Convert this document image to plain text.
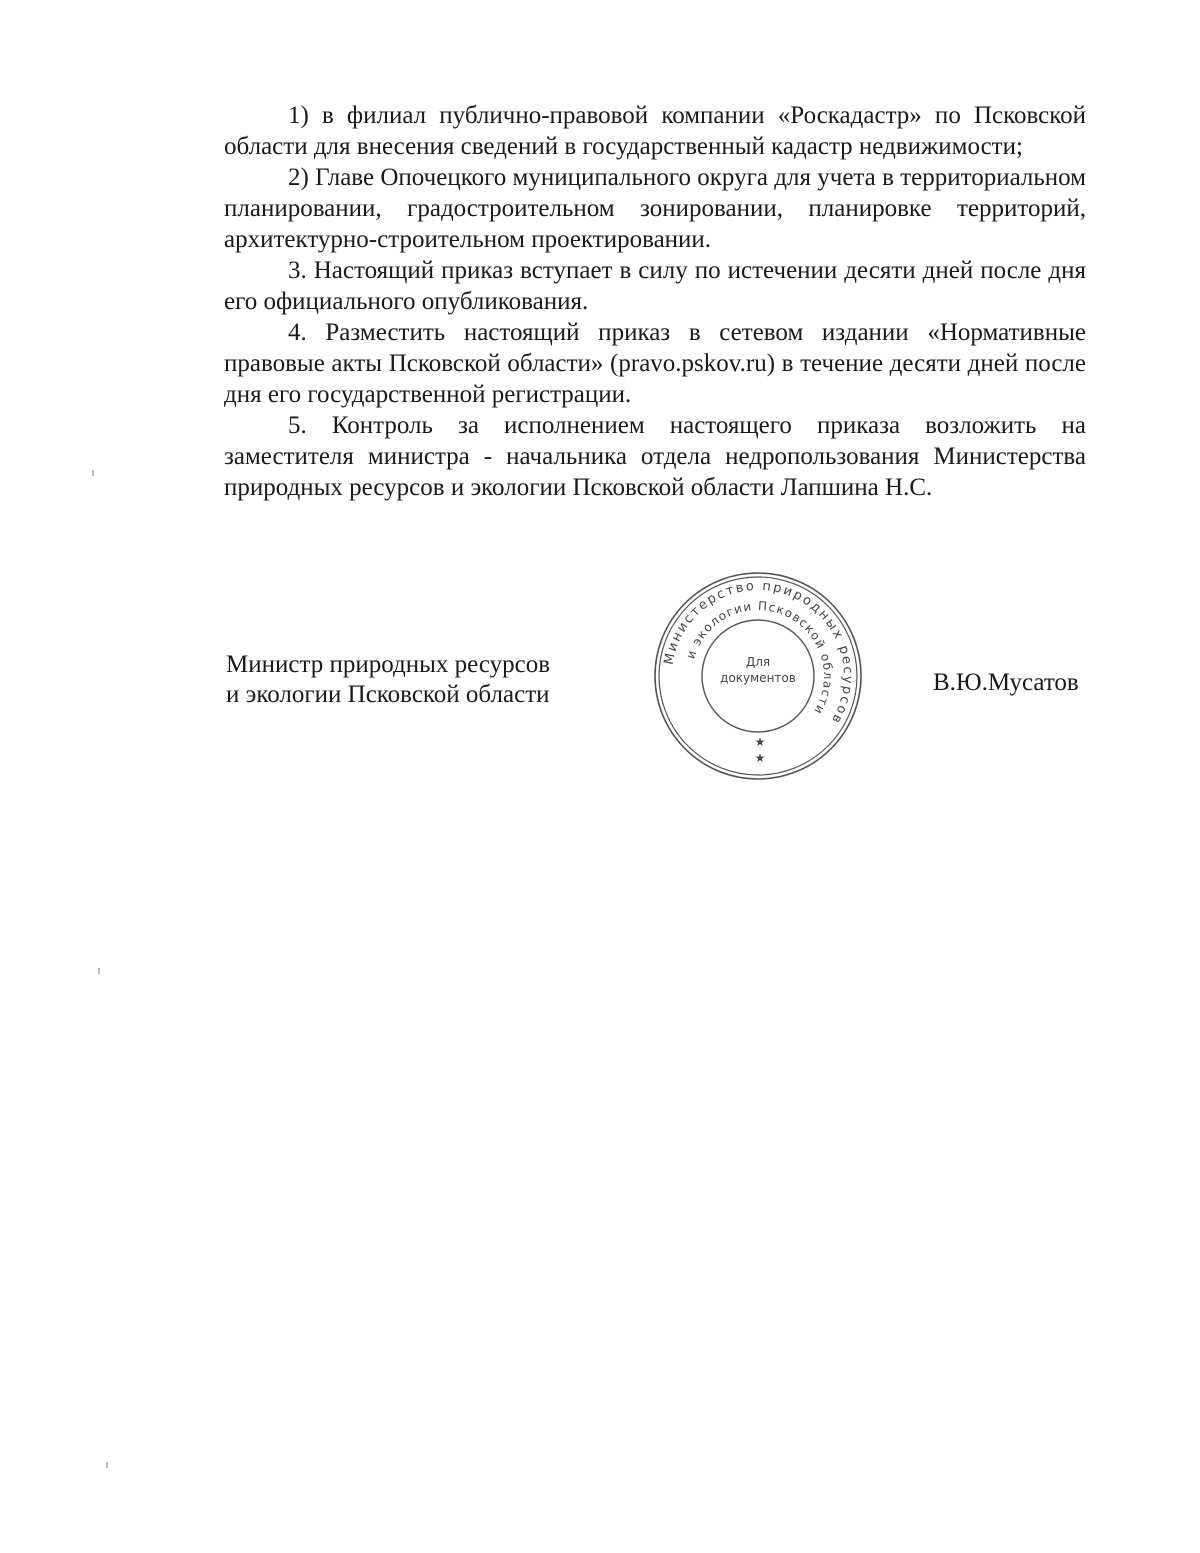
1) в филиал публично-правовой компании «Роскадастр» по Псковской области для внесения сведений в государственный кадастр недвижимости;

2) Главе Опочецкого муниципального округа для учета в территориальном планировании, градостроительном зонировании, планировке территорий, архитектурно-строительном проектировании.

3. Настоящий приказ вступает в силу по истечении десяти дней после дня его официального опубликования.

4. Разместить настоящий приказ в сетевом издании «Нормативные правовые акты Псковской области» (pravo.pskov.ru) в течение десяти дней после дня его государственной регистрации.

5. Контроль за исполнением настоящего приказа возложить на заместителя министра - начальника отдела недропользования Министерства природных ресурсов и экологии Псковской области Лапшина Н.С.

Министр природных ресурсов
и экологии Псковской области
Министерство природных ресурсов
и экологии Псковской области
Для
документов
★
★
В.Ю.Мусатов
